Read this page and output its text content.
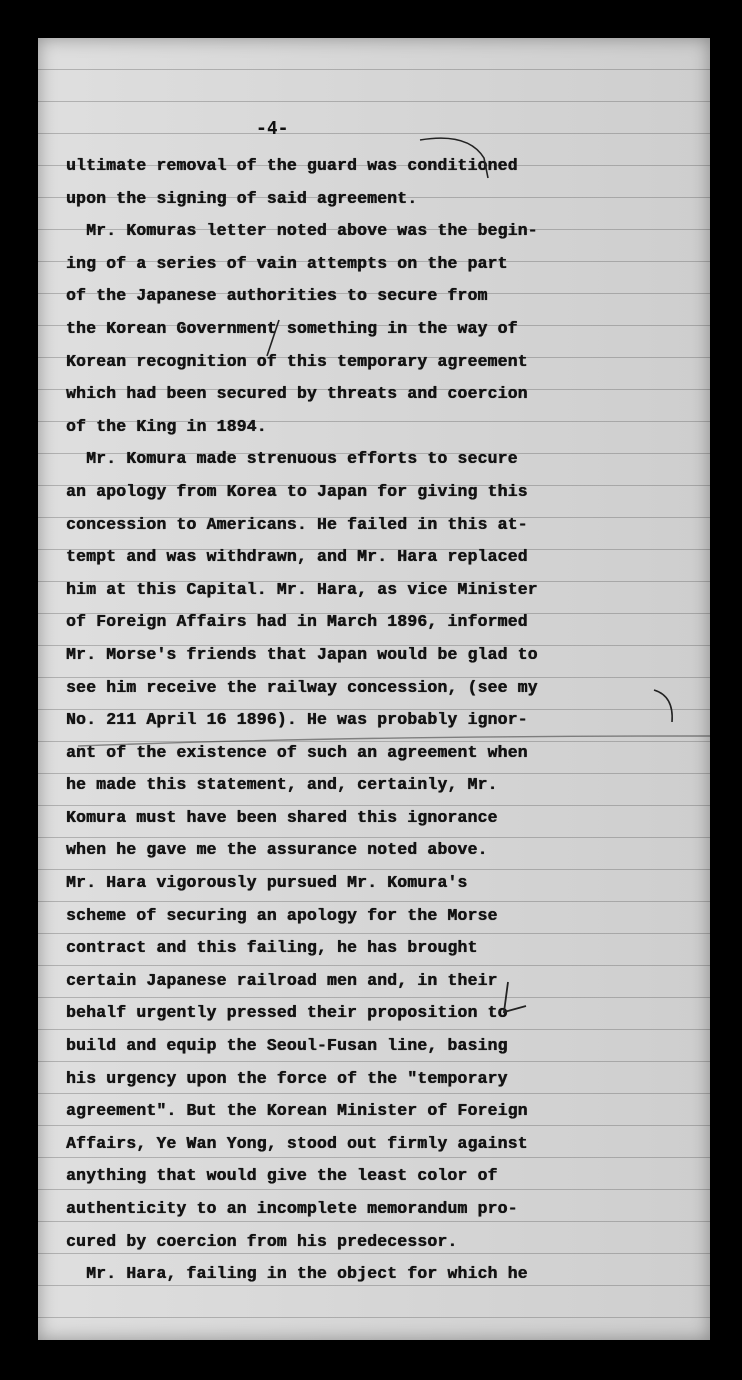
-4-
ultimate removal of the guard was conditioned
upon the signing of said agreement.
Mr. Komuras letter noted above was the begin-
ing of a series of vain attempts on the part
of the Japanese authorities to secure from
the Korean Government something in the way of
Korean recognition of this temporary agreement
which had been secured by threats and coercion
of the King in 1894.
Mr. Komura made strenuous efforts to secure
an apology from Korea to Japan for giving this
concession to Americans. He failed in this at-
tempt and was withdrawn, and Mr. Hara replaced
him at this Capital. Mr. Hara, as vice Minister
of Foreign Affairs had in March 1896, informed
Mr. Morse's friends that Japan would be glad to
see him receive the railway concession, (see my
No. 211 April 16 1896). He was probably ignor-
ant of the existence of such an agreement when
he made this statement, and, certainly, Mr.
Komura must have been shared this ignorance
when he gave me the assurance noted above.
Mr. Hara vigorously pursued Mr. Komura's
scheme of securing an apology for the Morse
contract and this failing, he has brought
certain Japanese railroad men and, in their
behalf urgently pressed their proposition to
build and equip the Seoul-Fusan line, basing
his urgency upon the force of the "temporary
agreement". But the Korean Minister of Foreign
Affairs, Ye Wan Yong, stood out firmly against
anything that would give the least color of
authenticity to an incomplete memorandum pro-
cured by coercion from his predecessor.
Mr. Hara, failing in the object for which he
